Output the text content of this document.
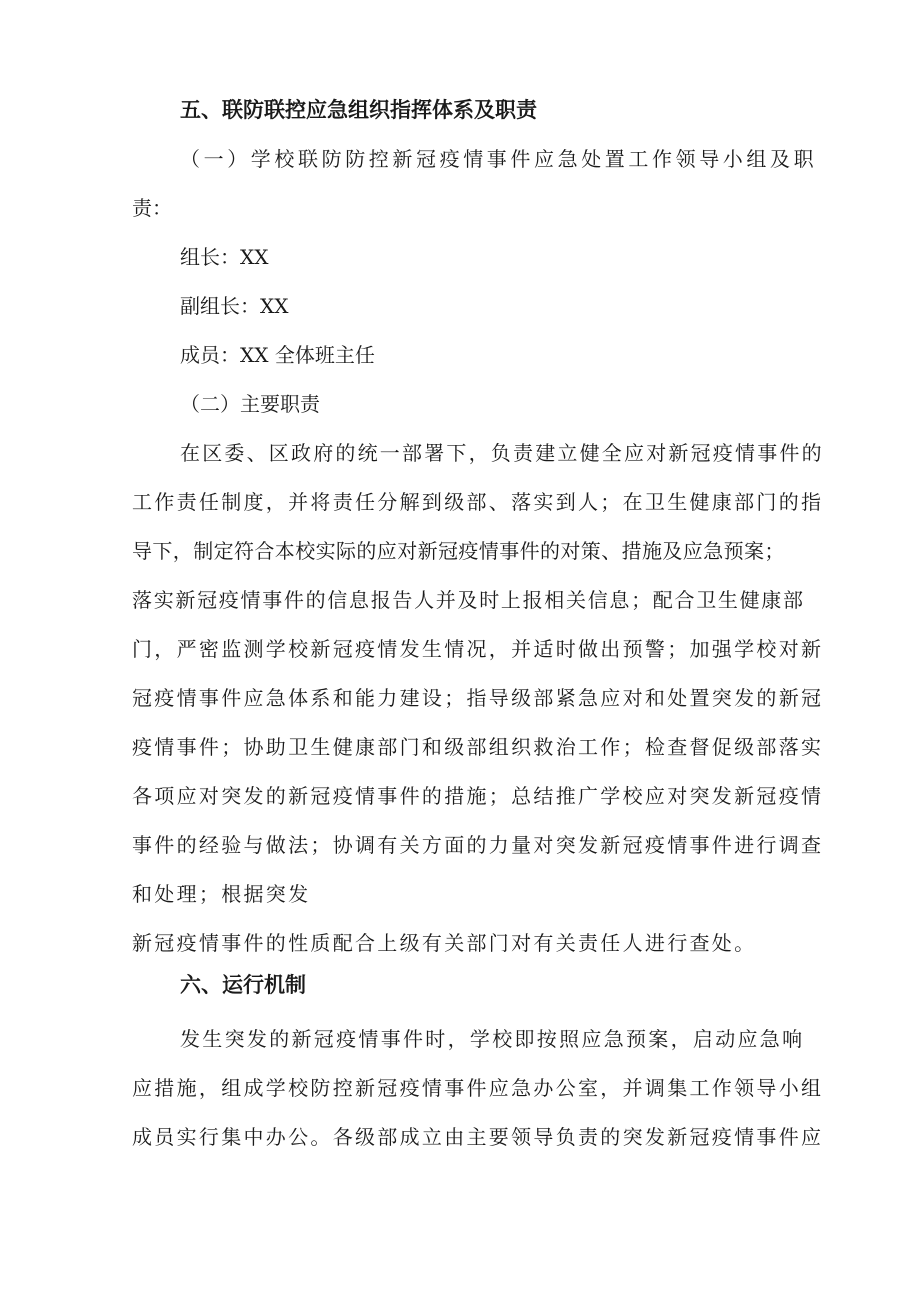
五、联防联控应急组织指挥体系及职责
（一）学校联防防控新冠疫情事件应急处置工作领导小组及职
责：
组长：XX
副组长：XX
成员：XX 全体班主任
（二）主要职责
在区委、区政府的统一部署下，负责建立健全应对新冠疫情事件的
工作责任制度，并将责任分解到级部、落实到人；在卫生健康部门的指
导下，制定符合本校实际的应对新冠疫情事件的对策、措施及应急预案；
落实新冠疫情事件的信息报告人并及时上报相关信息；配合卫生健康部
门，严密监测学校新冠疫情发生情况，并适时做出预警；加强学校对新
冠疫情事件应急体系和能力建设；指导级部紧急应对和处置突发的新冠
疫情事件；协助卫生健康部门和级部组织救治工作；检查督促级部落实
各项应对突发的新冠疫情事件的措施；总结推广学校应对突发新冠疫情
事件的经验与做法；协调有关方面的力量对突发新冠疫情事件进行调查
和处理；根据突发
新冠疫情事件的性质配合上级有关部门对有关责任人进行查处。
六、运行机制
发生突发的新冠疫情事件时，学校即按照应急预案，启动应急响
应措施，组成学校防控新冠疫情事件应急办公室，并调集工作领导小组
成员实行集中办公。各级部成立由主要领导负责的突发新冠疫情事件应
